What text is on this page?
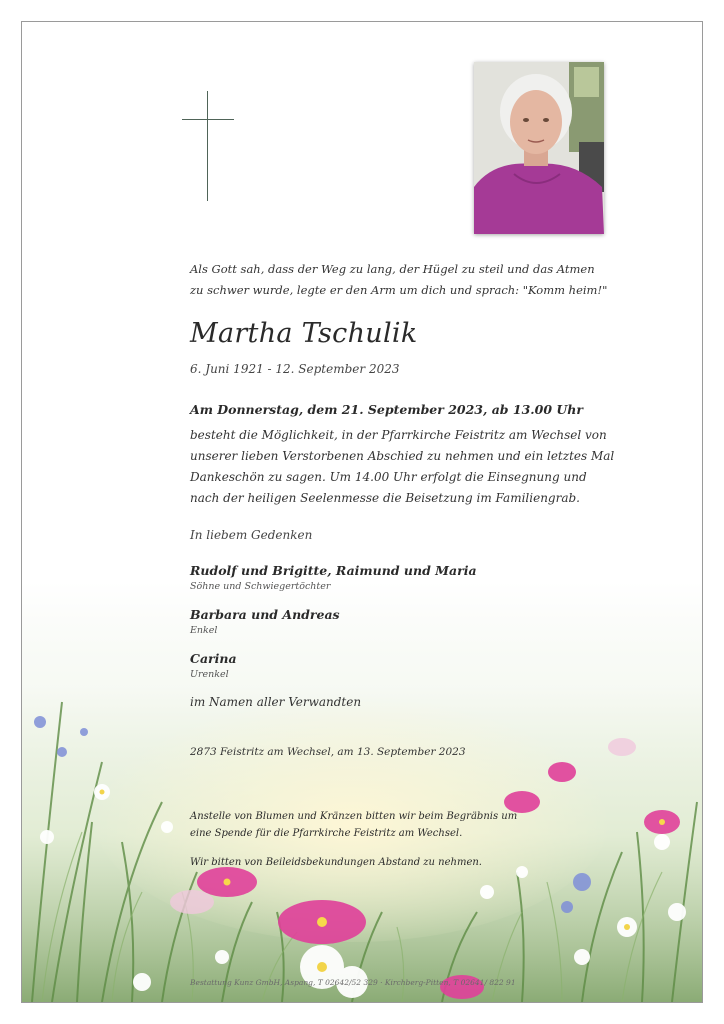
Als Gott sah, dass der Weg zu lang, der Hügel zu steil und das Atmen
zu schwer wurde, legte er den Arm um dich und sprach: "Komm heim!"
Martha Tschulik
6. Juni 1921 - 12. September 2023
Am Donnerstag, dem 21. September 2023, ab 13.00 Uhr
besteht die Möglichkeit, in der Pfarrkirche Feistritz am Wechsel von
unserer lieben Verstorbenen Abschied zu nehmen und ein letztes Mal
Dankeschön zu sagen. Um 14.00 Uhr erfolgt die Einsegnung und
nach der heiligen Seelenmesse die Beisetzung im Familiengrab.
In liebem Gedenken
Rudolf und Brigitte, Raimund und Maria
Söhne und Schwiegertöchter
Barbara und Andreas
Enkel
Carina
Urenkel
im Namen aller Verwandten
2873 Feistritz am Wechsel, am 13. September 2023
Anstelle von Blumen und Kränzen bitten wir beim Begräbnis um
eine Spende für die Pfarrkirche Feistritz am Wechsel.
Wir bitten von Beileidsbekundungen Abstand zu nehmen.
Bestattung Kunz GmbH, Aspang, T 02642/52 329 · Kirchberg-Pitten, T 02641/ 822 91
